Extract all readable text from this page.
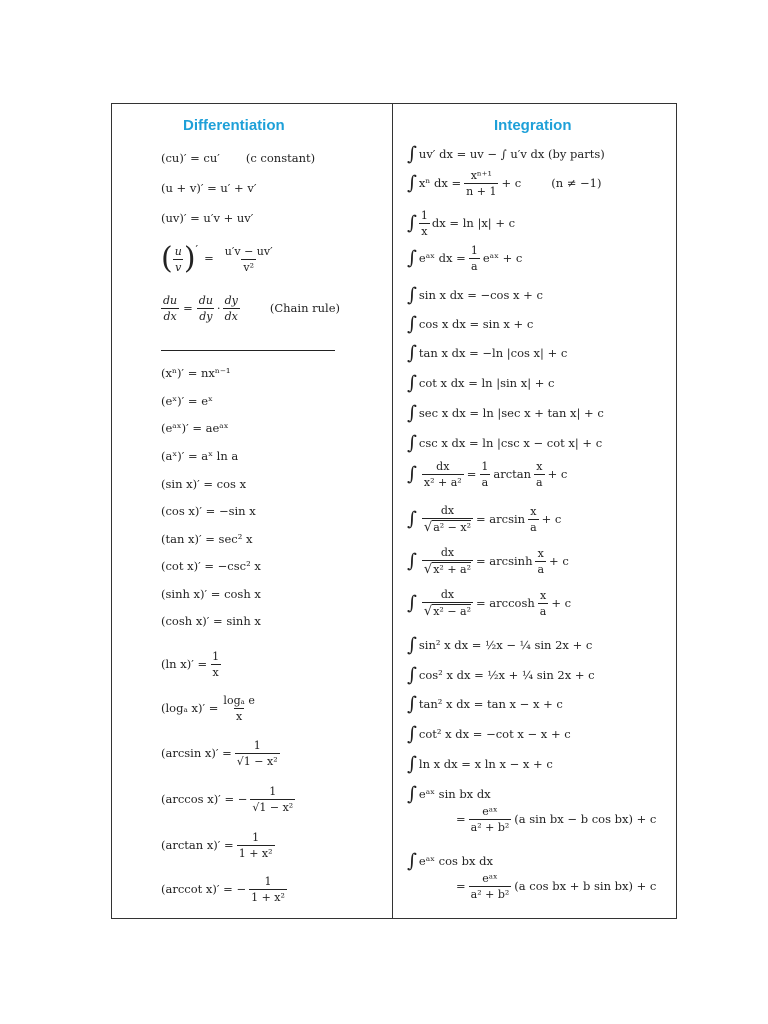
Differentiation
(cu)′ = cu′ (c constant)
(u + v)′ = u′ + v′
(uv)′ = u′v + uv′
( $\frac{u}{v}$ ) ′
= $\frac{u'v - uv'}{\text{v²}}$
$\frac{du}{dx} = \frac{du}{dy} \cdot \frac{dy}{dx}$	(Chain rule)
(xⁿ)′ = nxⁿ⁻¹
(eˣ)′ = eˣ
(eᵃˣ)′ = aeᵃˣ
(aˣ)′ = aˣ ln a
(sin x)′ = cos x
(cos x)′ = −sin x
(tan x)′ = sec² x
(cot x)′ = −csc² x
(sinh x)′ = cosh x
(cosh x)′ = sinh x
(ln $x)' = \frac{1}{x}$
(logₐ $x)' = \frac{\text{logₐ e}}{x}$
(arcsin $x)' = \frac{1}{\text{√1 − x²}}$
(arccos x)′ = − $\frac{1}{\text{√1 − x²}}$
(arctan $x)' = \frac{1}{\text{1 + x²}}$
(arccot x)′ = − $\frac{1}{\text{1 + x²}}$
Integration
∫ uv′ dx = uv − ∫ u′v dx (by parts)
∫ xⁿ dx = $\frac{\text{xⁿ⁺¹}}{n + 1} + c$	(n ≠ −1)
∫ $\frac{1}{x}$ dx = ln |x| + c
∫ eᵃˣ dx = $\frac{1}{a}$ eᵃˣ + c
∫ sin x dx = −cos x + c
∫ cos x dx = sin x + c
∫ tan x dx = −ln |cos x| + c
∫ cot x dx = ln |sin x| + c
∫ sec x dx = ln |sec x + tan x| + c
∫ csc x dx = ln |csc x − cot x| + c
∫ $\frac{dx}{\text{x² + a²}} = \frac{1}{a}$ $\arctan \frac{x}{a} + c$
∫ $\frac{dx}{\text{√a² − x²}} = \arcsin \frac{x}{a} + c$
∫ $\frac{dx}{\text{√x² + a²}} = \arcsin h \frac{x}{a} + c$
∫ $\frac{dx}{\text{√x² − a²}} = \arccos h \frac{x}{a} + c$
∫ sin² x dx = ½x − ¼ sin 2x + c
∫ cos² x dx = ½x + ¼ sin 2x + c
∫ tan² x dx = tan x − x + c
∫ cot² x dx = −cot x − x + c
∫ ln x dx = x ln x − x + c
∫ eᵃˣ sin bx dx
= $\frac{\text{eᵃˣ}}{\text{a² + b²}} (a$ sin bx − b cos bx) + c
∫ eᵃˣ cos bx dx
= $\frac{\text{eᵃˣ}}{\text{a² + b²}} (a$ cos bx + b sin bx) + c
